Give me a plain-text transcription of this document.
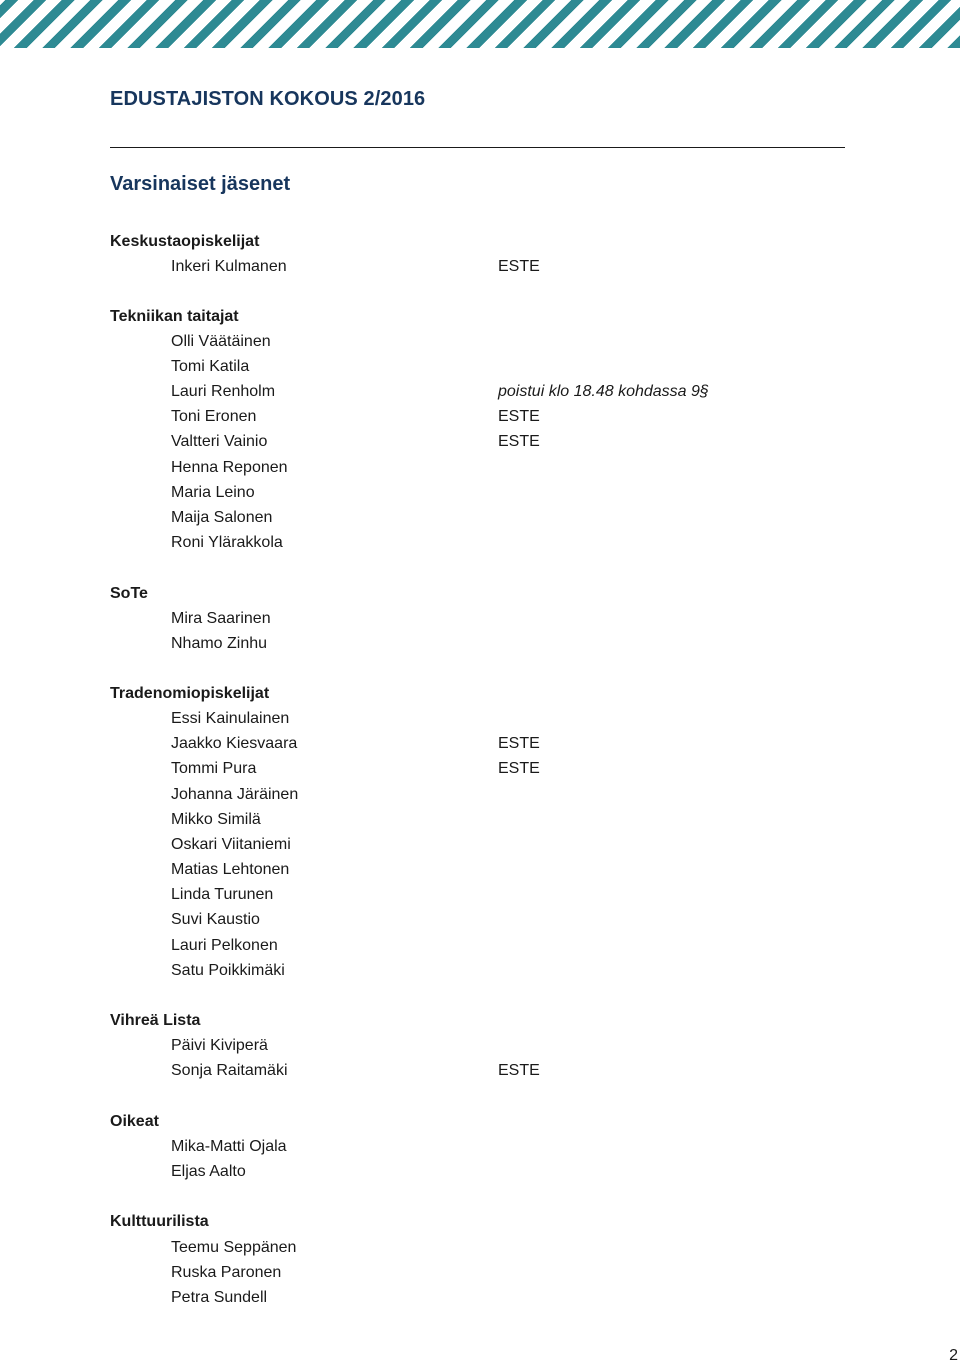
EDUSTAJISTON KOKOUS 2/2016
Varsinaiset jäsenet
Keskustaopiskelijat
Inkeri Kulmanen	ESTE
Tekniikan taitajat
Olli Väätäinen
Tomi Katila
Lauri Renholm	poistui klo 18.48 kohdassa 9§
Toni Eronen	ESTE
Valtteri Vainio	ESTE
Henna Reponen
Maria Leino
Maija Salonen
Roni Ylärakkola
SoTe
Mira Saarinen
Nhamo Zinhu
Tradenomiopiskelijat
Essi Kainulainen
Jaakko Kiesvaara	ESTE
Tommi Pura	ESTE
Johanna Järäinen
Mikko Similä
Oskari Viitaniemi
Matias Lehtonen
Linda Turunen
Suvi Kaustio
Lauri Pelkonen
Satu Poikkimäki
Vihreä Lista
Päivi Kiviperä
Sonja Raitamäki	ESTE
Oikeat
Mika-Matti Ojala
Eljas Aalto
Kulttuurilista
Teemu Seppänen
Ruska Paronen
Petra Sundell
2
